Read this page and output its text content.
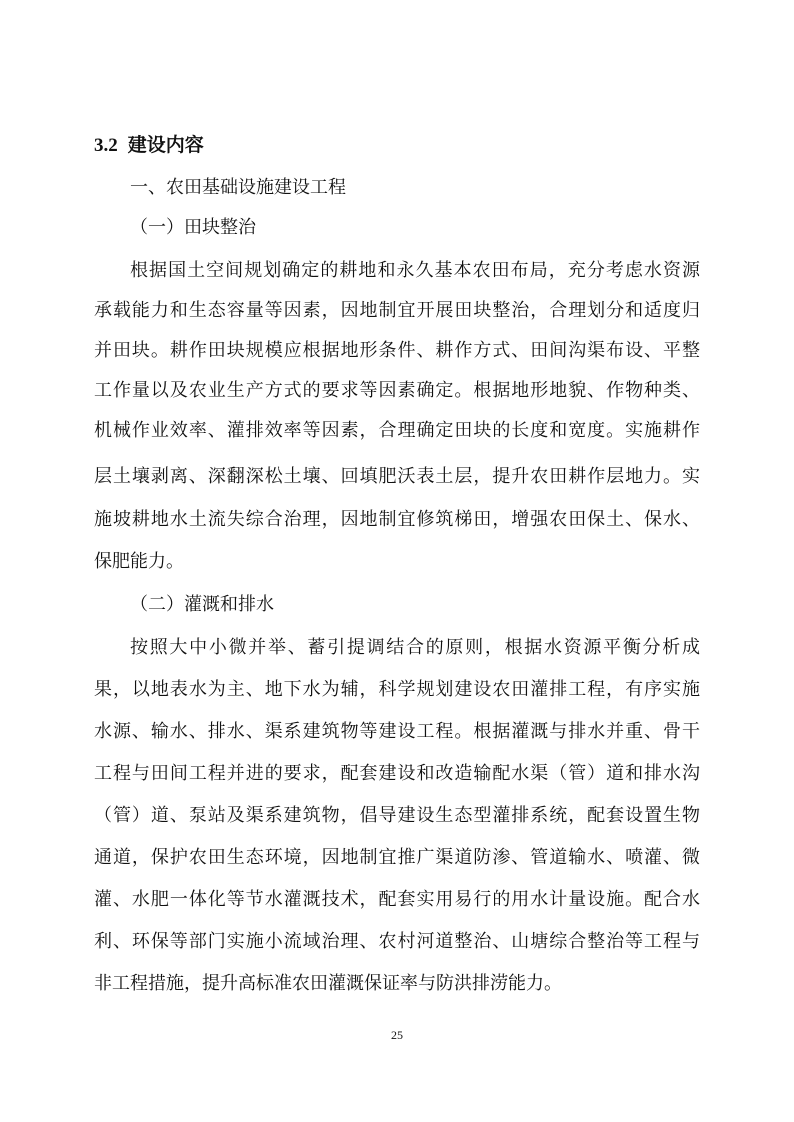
3.2 建设内容
一、农田基础设施建设工程
（一）田块整治
根据国土空间规划确定的耕地和永久基本农田布局，充分考虑水资源
承载能力和生态容量等因素，因地制宜开展田块整治，合理划分和适度归
并田块。耕作田块规模应根据地形条件、耕作方式、田间沟渠布设、平整
工作量以及农业生产方式的要求等因素确定。根据地形地貌、作物种类、
机械作业效率、灌排效率等因素，合理确定田块的长度和宽度。实施耕作
层土壤剥离、深翻深松土壤、回填肥沃表土层，提升农田耕作层地力。实
施坡耕地水土流失综合治理，因地制宜修筑梯田，增强农田保土、保水、
保肥能力。
（二）灌溉和排水
按照大中小微并举、蓄引提调结合的原则，根据水资源平衡分析成
果，以地表水为主、地下水为辅，科学规划建设农田灌排工程，有序实施
水源、输水、排水、渠系建筑物等建设工程。根据灌溉与排水并重、骨干
工程与田间工程并进的要求，配套建设和改造输配水渠（管）道和排水沟
（管）道、泵站及渠系建筑物，倡导建设生态型灌排系统，配套设置生物
通道，保护农田生态环境，因地制宜推广渠道防渗、管道输水、喷灌、微
灌、水肥一体化等节水灌溉技术，配套实用易行的用水计量设施。配合水
利、环保等部门实施小流域治理、农村河道整治、山塘综合整治等工程与
非工程措施，提升高标准农田灌溉保证率与防洪排涝能力。
25
